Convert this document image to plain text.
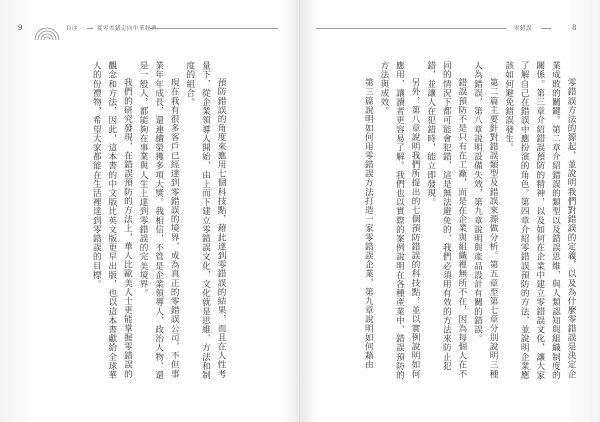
9	自序	從零差錯走向中華經典

預防錯誤的角度來應用七個科技點，藉此達到零錯誤的結果，而且在人性考量下，從企業領導人開始，由上而下建立零錯誤文化，文化就是思維、方法和制度的組合。

現在我有很多客戶已經達到零錯誤的境界，成為真正的零錯誤公司，不但事業年年成長，還連續榮獲多項大獎。我相信，不管是企業領導人、政治人物、還是一般人，都能夠在事業與人生上達到零錯誤的完美境界。

我們的研究發現，在錯誤預防的方法上，華人比歐美人士更能掌握零錯誤的觀念和方法，因此，這本書的中文版比英文版更早出版，也以這本書獻給全球華人的份禮物，希望大家都能在生活裡達到零錯誤的目標。

零錯誤	8

零錯誤方法的源起，並說明我們對錯誤的定義，以及為什麼零錯誤是決定企業成敗的關鍵。第二章介紹錯誤的類型以及錯誤思維，與人類認知與組織制度的關係。第三章介紹錯誤預防的精神，以及如何在企業中建立零錯誤文化，讓大家了解自己在錯誤中應扮演的角色。第四章介紹零錯誤預防的方法，並說明企業應該如何避免錯誤發生。

第二篇主要針對錯誤類型及錯誤來源做分析。第五章至第七章分別說明三種人為錯誤，第八章說明設備失效，第九章說明與產品設計有關的錯誤。

錯誤預防不是只有在工廠，而是在企業與組織裡無所不在，因為每個人在不同的情況下都可能會犯錯，這是無法避免的，我們必須用有效的方法來防止犯錯，並讓人在犯錯時，能立即發現。

另外，第八章說明我們所提出的七個預防錯誤的科技點，並以實例說明如何應用，讓讀者更容易了解。我們也以實際的案例說明在各種產業中，錯誤預防的方法與成效。

第三篇說明如何用零錯誤方法打造一家零錯誤企業，第九章說明如何藉由
